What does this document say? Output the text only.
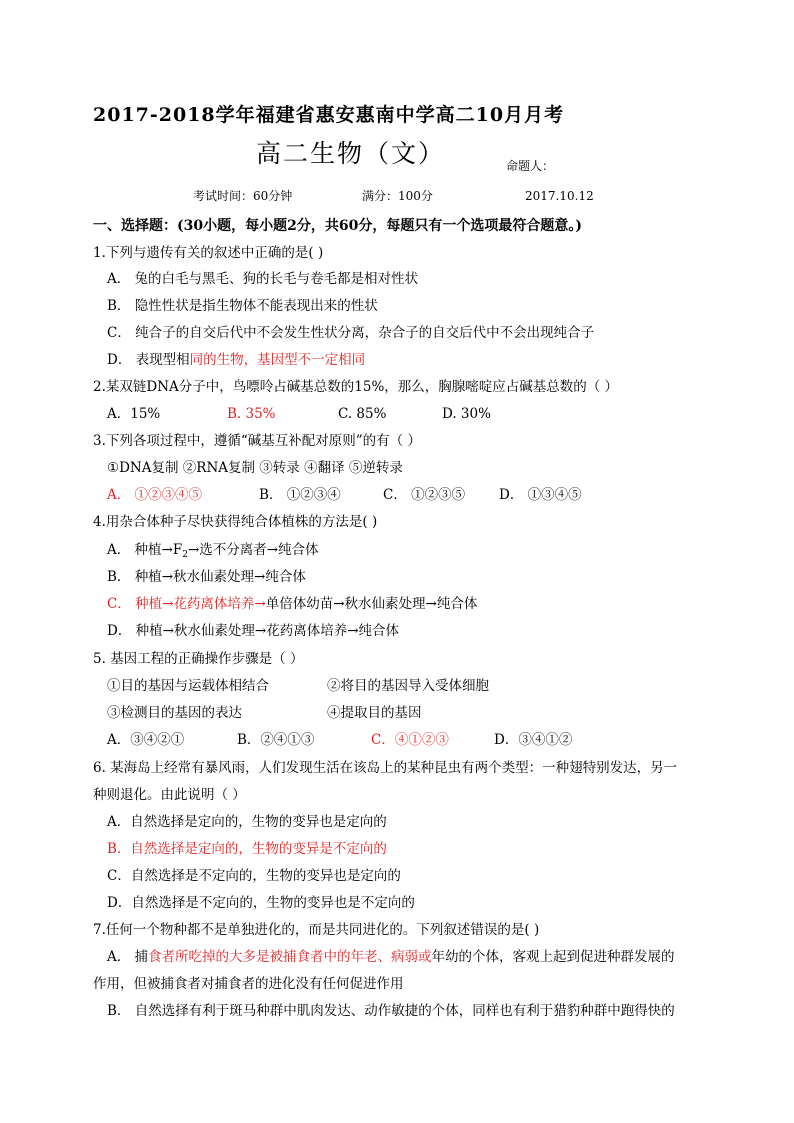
2017-2018学年福建省惠安惠南中学高二10月月考
高二生物（文）	命题人：
考试时间：60分钟	满分：100分	2017.10.12
一、选择题：(30小题，每小题2分，共60分，每题只有一个选项最符合题意。)
1.下列与遗传有关的叙述中正确的是( )
A． 兔的白毛与黑毛、狗的长毛与卷毛都是相对性状
B． 隐性性状是指生物体不能表现出来的性状
C． 纯合子的自交后代中不会发生性状分离，杂合子的自交后代中不会出现纯合子
D． 表现型相同的生物，基因型不一定相同
2.某双链DNA分子中，鸟嘌呤占碱基总数的15%，那么，胸腺嘧啶应占碱基总数的（ ）
A．15%	B. 35%	C. 85%	D. 30%
3.下列各项过程中，遵循“碱基互补配对原则”的有（ ）
①DNA复制 ②RNA复制 ③转录 ④翻译 ⑤逆转录
A． ①②③④⑤	B． ①②③④	C． ①②③⑤	D． ①③④⑤
4.用杂合体种子尽快获得纯合体植株的方法是( )
A． 种植$\to F_2\to$选不分离者→纯合体
B． 种植→秋水仙素处理→纯合体
C． 种植→花药离体培养→单倍体幼苗→秋水仙素处理→纯合体
D． 种植→秋水仙素处理→花药离体培养→纯合体
5. 基因工程的正确操作步骤是（ ）
①目的基因与运载体相结合	②将目的基因导入受体细胞
③检测目的基因的表达	④提取目的基因
A．③④②①	B．②④①③	C．④①②③	D．③④①②
6. 某海岛上经常有暴风雨，人们发现生活在该岛上的某种昆虫有两个类型：一种翅特别发达，另一
种则退化。由此说明（ ）
A．自然选择是定向的，生物的变异也是定向的
B．自然选择是定向的，生物的变异是不定向的
C．自然选择是不定向的，生物的变异也是定向的
D．自然选择是不定向的，生物的变异也是不定向的
7.任何一个物种都不是单独进化的，而是共同进化的。下列叙述错误的是( )
A． 捕食者所吃掉的大多是被捕食者中的年老、病弱或年幼的个体，客观上起到促进种群发展的
作用，但被捕食者对捕食者的进化没有任何促进作用
B． 自然选择有利于斑马种群中肌肉发达、动作敏捷的个体，同样也有利于猎豹种群中跑得快的
